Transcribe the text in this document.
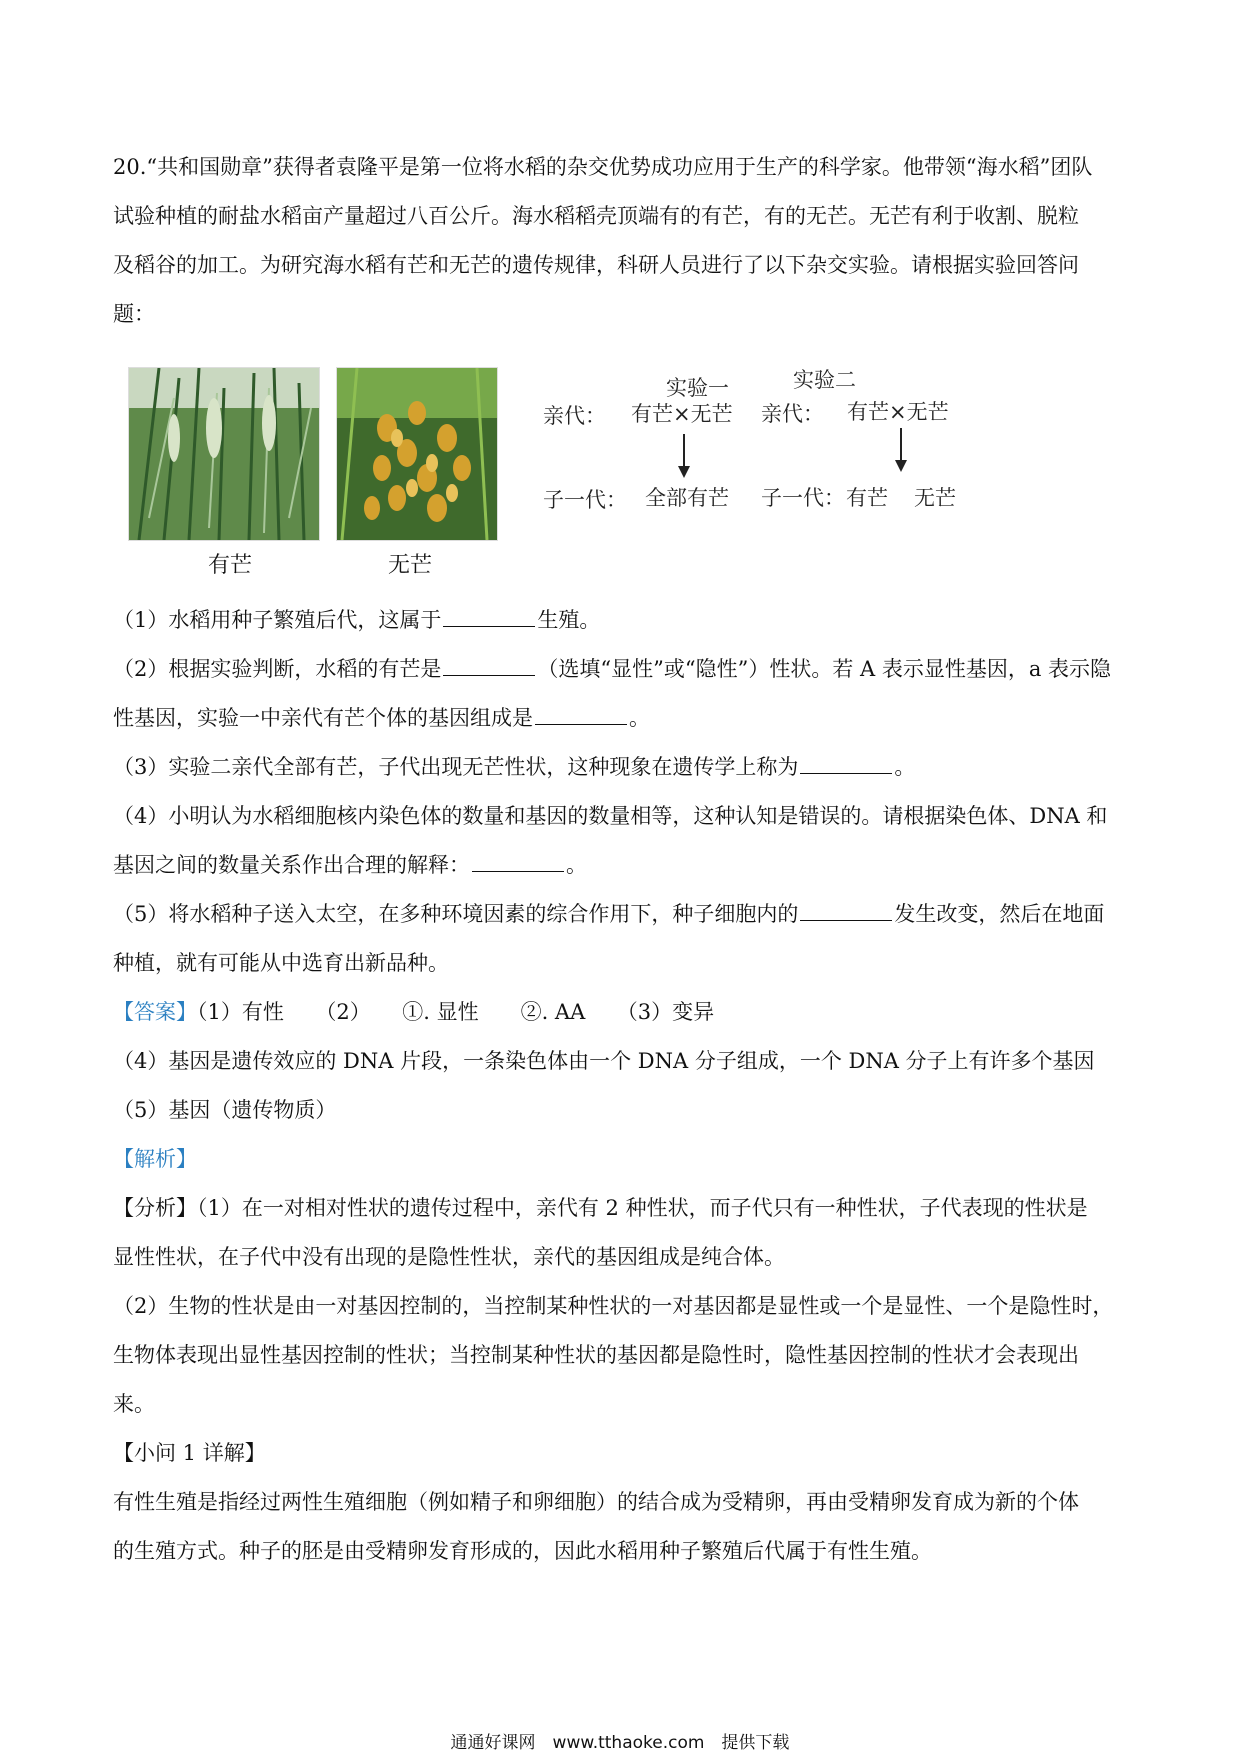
20.“共和国勋章”获得者袁隆平是第一位将水稻的杂交优势成功应用于生产的科学家。他带领“海水稻”团队
试验种植的耐盐水稻亩产量超过八百公斤。海水稻稻壳顶端有的有芒，有的无芒。无芒有利于收割、脱粒
及稻谷的加工。为研究海水稻有芒和无芒的遗传规律，科研人员进行了以下杂交实验。请根据实验回答问
题：
有芒	无芒
实验一	实验二
亲代： 有芒×无芒 亲代： 有芒×无芒
子一代： 全部有芒 子一代： 有芒 无芒
（1）水稻用种子繁殖后代，这属于	生殖。
（2）根据实验判断，水稻的有芒是	（选填“显性”或“隐性”）性状。若 A 表示显性基因，a 表示隐
性基因，实验一中亲代有芒个体的基因组成是	。
（3）实验二亲代全部有芒，子代出现无芒性状，这种现象在遗传学上称为	。
（4）小明认为水稻细胞核内染色体的数量和基因的数量相等，这种认知是错误的。请根据染色体、DNA 和
基因之间的数量关系作出合理的解释：	。
（5）将水稻种子送入太空，在多种环境因素的综合作用下，种子细胞内的	发生改变，然后在地面
种植，就有可能从中选育出新品种。
【答案】（1）有性　　（2）　　①. 显性　　②. AA　　（3）变异
（4）基因是遗传效应的 DNA 片段，一条染色体由一个 DNA 分子组成，一个 DNA 分子上有许多个基因
（5）基因（遗传物质）
【解析】
【分析】（1）在一对相对性状的遗传过程中，亲代有 2 种性状，而子代只有一种性状，子代表现的性状是
显性性状，在子代中没有出现的是隐性性状，亲代的基因组成是纯合体。
（2）生物的性状是由一对基因控制的，当控制某种性状的一对基因都是显性或一个是显性、一个是隐性时，
生物体表现出显性基因控制的性状；当控制某种性状的基因都是隐性时，隐性基因控制的性状才会表现出
来。
【小问 1 详解】
有性生殖是指经过两性生殖细胞（例如精子和卵细胞）的结合成为受精卵，再由受精卵发育成为新的个体
的生殖方式。种子的胚是由受精卵发育形成的，因此水稻用种子繁殖后代属于有性生殖。
通通好课网　www.tthaoke.com　提供下载
